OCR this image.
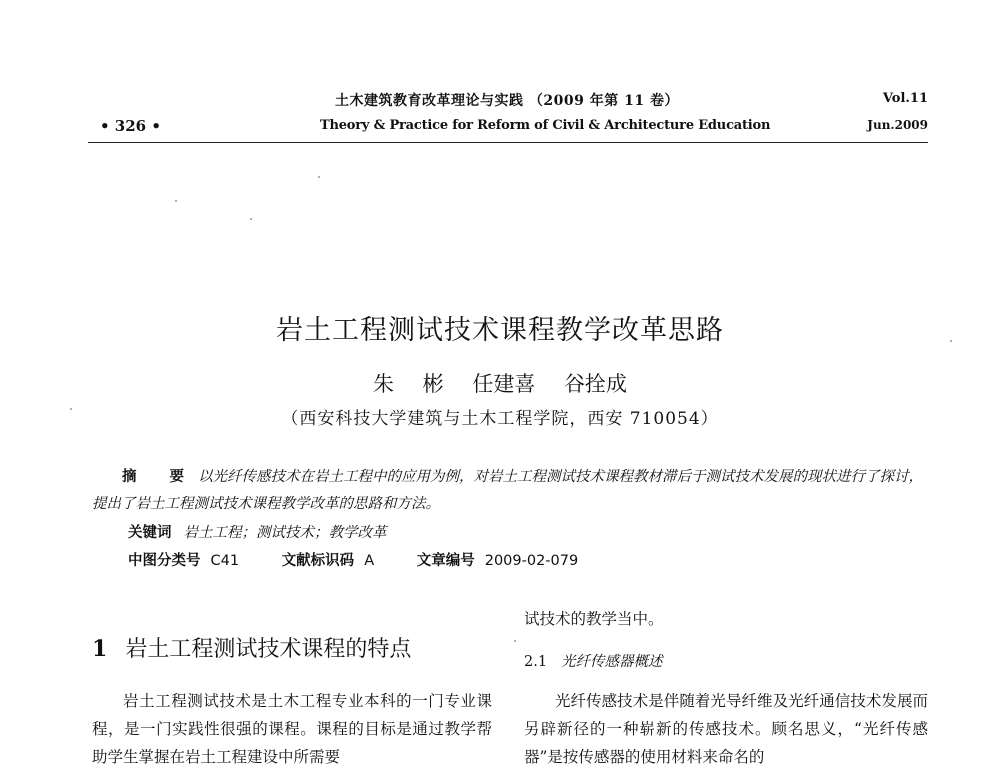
土木建筑教育改革理论与实践 （2009 年第 11 卷）
Theory & Practice for Reform of Civil & Architecture Education
• 326 •
Vol.11
Jun.2009
岩土工程测试技术课程教学改革思路
朱 彬 任建喜 谷拴成
（西安科技大学建筑与土木工程学院，西安 710054）
摘 要以光纤传感技术在岩土工程中的应用为例，对岩土工程测试技术课程教材滞后于测试技术发展的现状进行了探讨，提出了岩土工程测试技术课程教学改革的思路和方法。
关键词 岩土工程；测试技术；教学改革
中图分类号 C41	文献标识码 A	文章编号 2009-02-079
1 岩土工程测试技术课程的特点
岩土工程测试技术是土木工程专业本科的一门专业课程，是一门实践性很强的课程。课程的目标是通过教学帮助学生掌握在岩土工程建设中所需要
试技术的教学当中。
2.1 光纤传感器概述
光纤传感技术是伴随着光导纤维及光纤通信技术发展而另辟新径的一种崭新的传感技术。顾名思义，“光纤传感器”是按传感器的使用材料来命名的
